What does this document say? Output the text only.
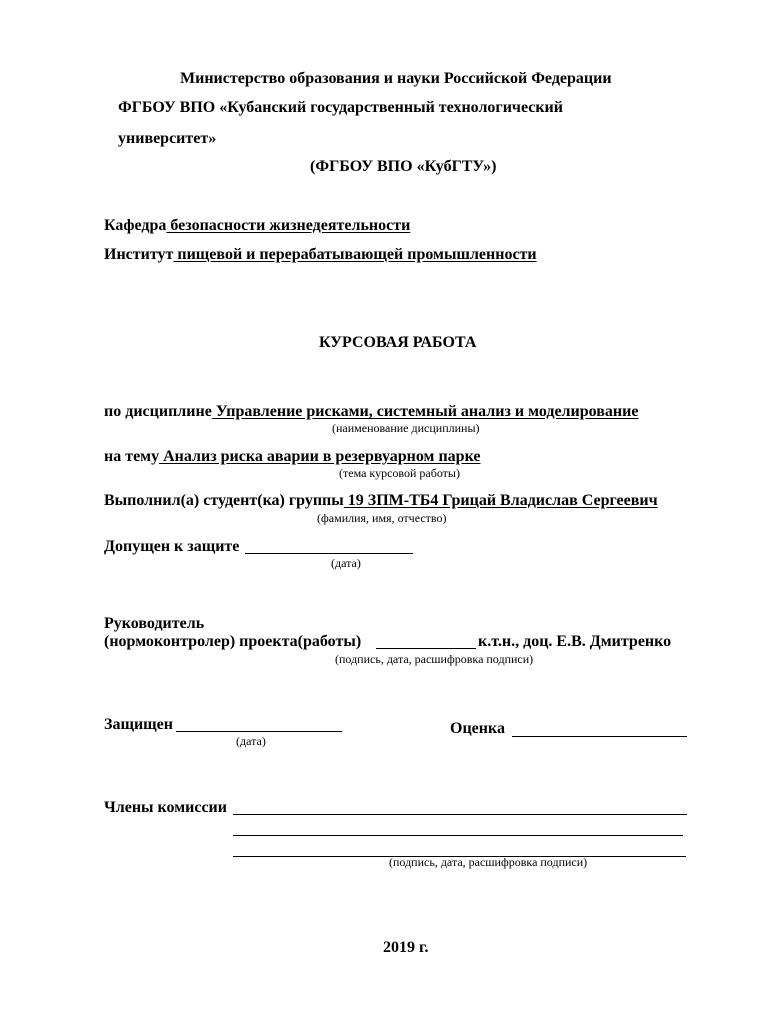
Министерство образования и науки Российской Федерации
ФГБОУ ВПО «Кубанский государственный технологический
университет»
(ФГБОУ ВПО «КубГТУ»)
Кафедра безопасности жизнедеятельности
Институт пищевой и перерабатывающей промышленности
КУРСОВАЯ РАБОТА
по дисциплине Управление рисками, системный анализ и моделирование
(наименование дисциплины)
на тему Анализ риска аварии в резервуарном парке
(тема курсовой работы)
Выполнил(а) студент(ка) группы 19 ЗПМ-ТБ4 Грицай Владислав Сергеевич
(фамилия, имя, отчество)
Допущен к защите
(дата)
Руководитель
(нормоконтролер) проекта(работы)	к.т.н., доц. Е.В. Дмитренко
(подпись, дата, расшифровка подписи)
Защищен
(дата)
Оценка
Члены комиссии
(подпись, дата, расшифровка подписи)
2019 г.
